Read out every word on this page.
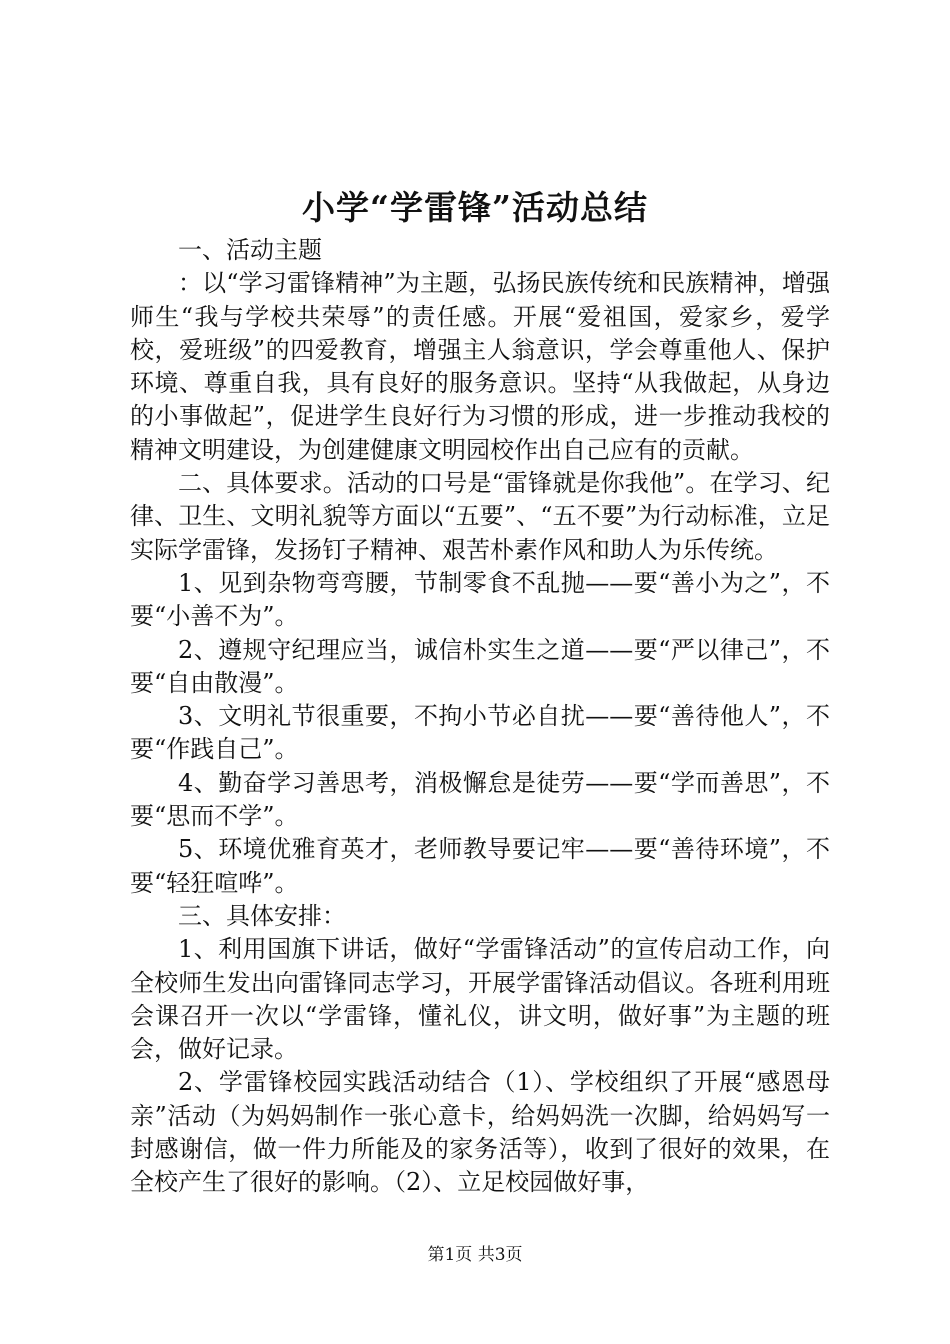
小学“学雷锋”活动总结

一、活动主题

：以“学习雷锋精神”为主题，弘扬民族传统和民族精神，增强师生“我与学校共荣辱”的责任感。开展“爱祖国，爱家乡，爱学校，爱班级”的四爱教育，增强主人翁意识，学会尊重他人、保护环境、尊重自我，具有良好的服务意识。坚持“从我做起，从身边的小事做起”，促进学生良好行为习惯的形成，进一步推动我校的精神文明建设，为创建健康文明园校作出自己应有的贡献。

二、具体要求。活动的口号是“雷锋就是你我他”。在学习、纪律、卫生、文明礼貌等方面以“五要”、“五不要”为行动标准，立足实际学雷锋，发扬钉子精神、艰苦朴素作风和助人为乐传统。

1、见到杂物弯弯腰，节制零食不乱抛——要“善小为之”，不要“小善不为”。

2、遵规守纪理应当，诚信朴实生之道——要“严以律己”，不要“自由散漫”。

3、文明礼节很重要，不拘小节必自扰——要“善待他人”，不要“作践自己”。

4、勤奋学习善思考，消极懈怠是徒劳——要“学而善思”，不要“思而不学”。

5、环境优雅育英才，老师教导要记牢——要“善待环境”，不要“轻狂喧哗”。

三、具体安排：

1、利用国旗下讲话，做好“学雷锋活动”的宣传启动工作，向全校师生发出向雷锋同志学习，开展学雷锋活动倡议。各班利用班会课召开一次以“学雷锋，懂礼仪，讲文明，做好事”为主题的班会，做好记录。

2、学雷锋校园实践活动结合（1）、学校组织了开展“感恩母亲”活动（为妈妈制作一张心意卡，给妈妈洗一次脚，给妈妈写一封感谢信，做一件力所能及的家务活等），收到了很好的效果，在全校产生了很好的影响。（2）、立足校园做好事，

第1页 共3页
